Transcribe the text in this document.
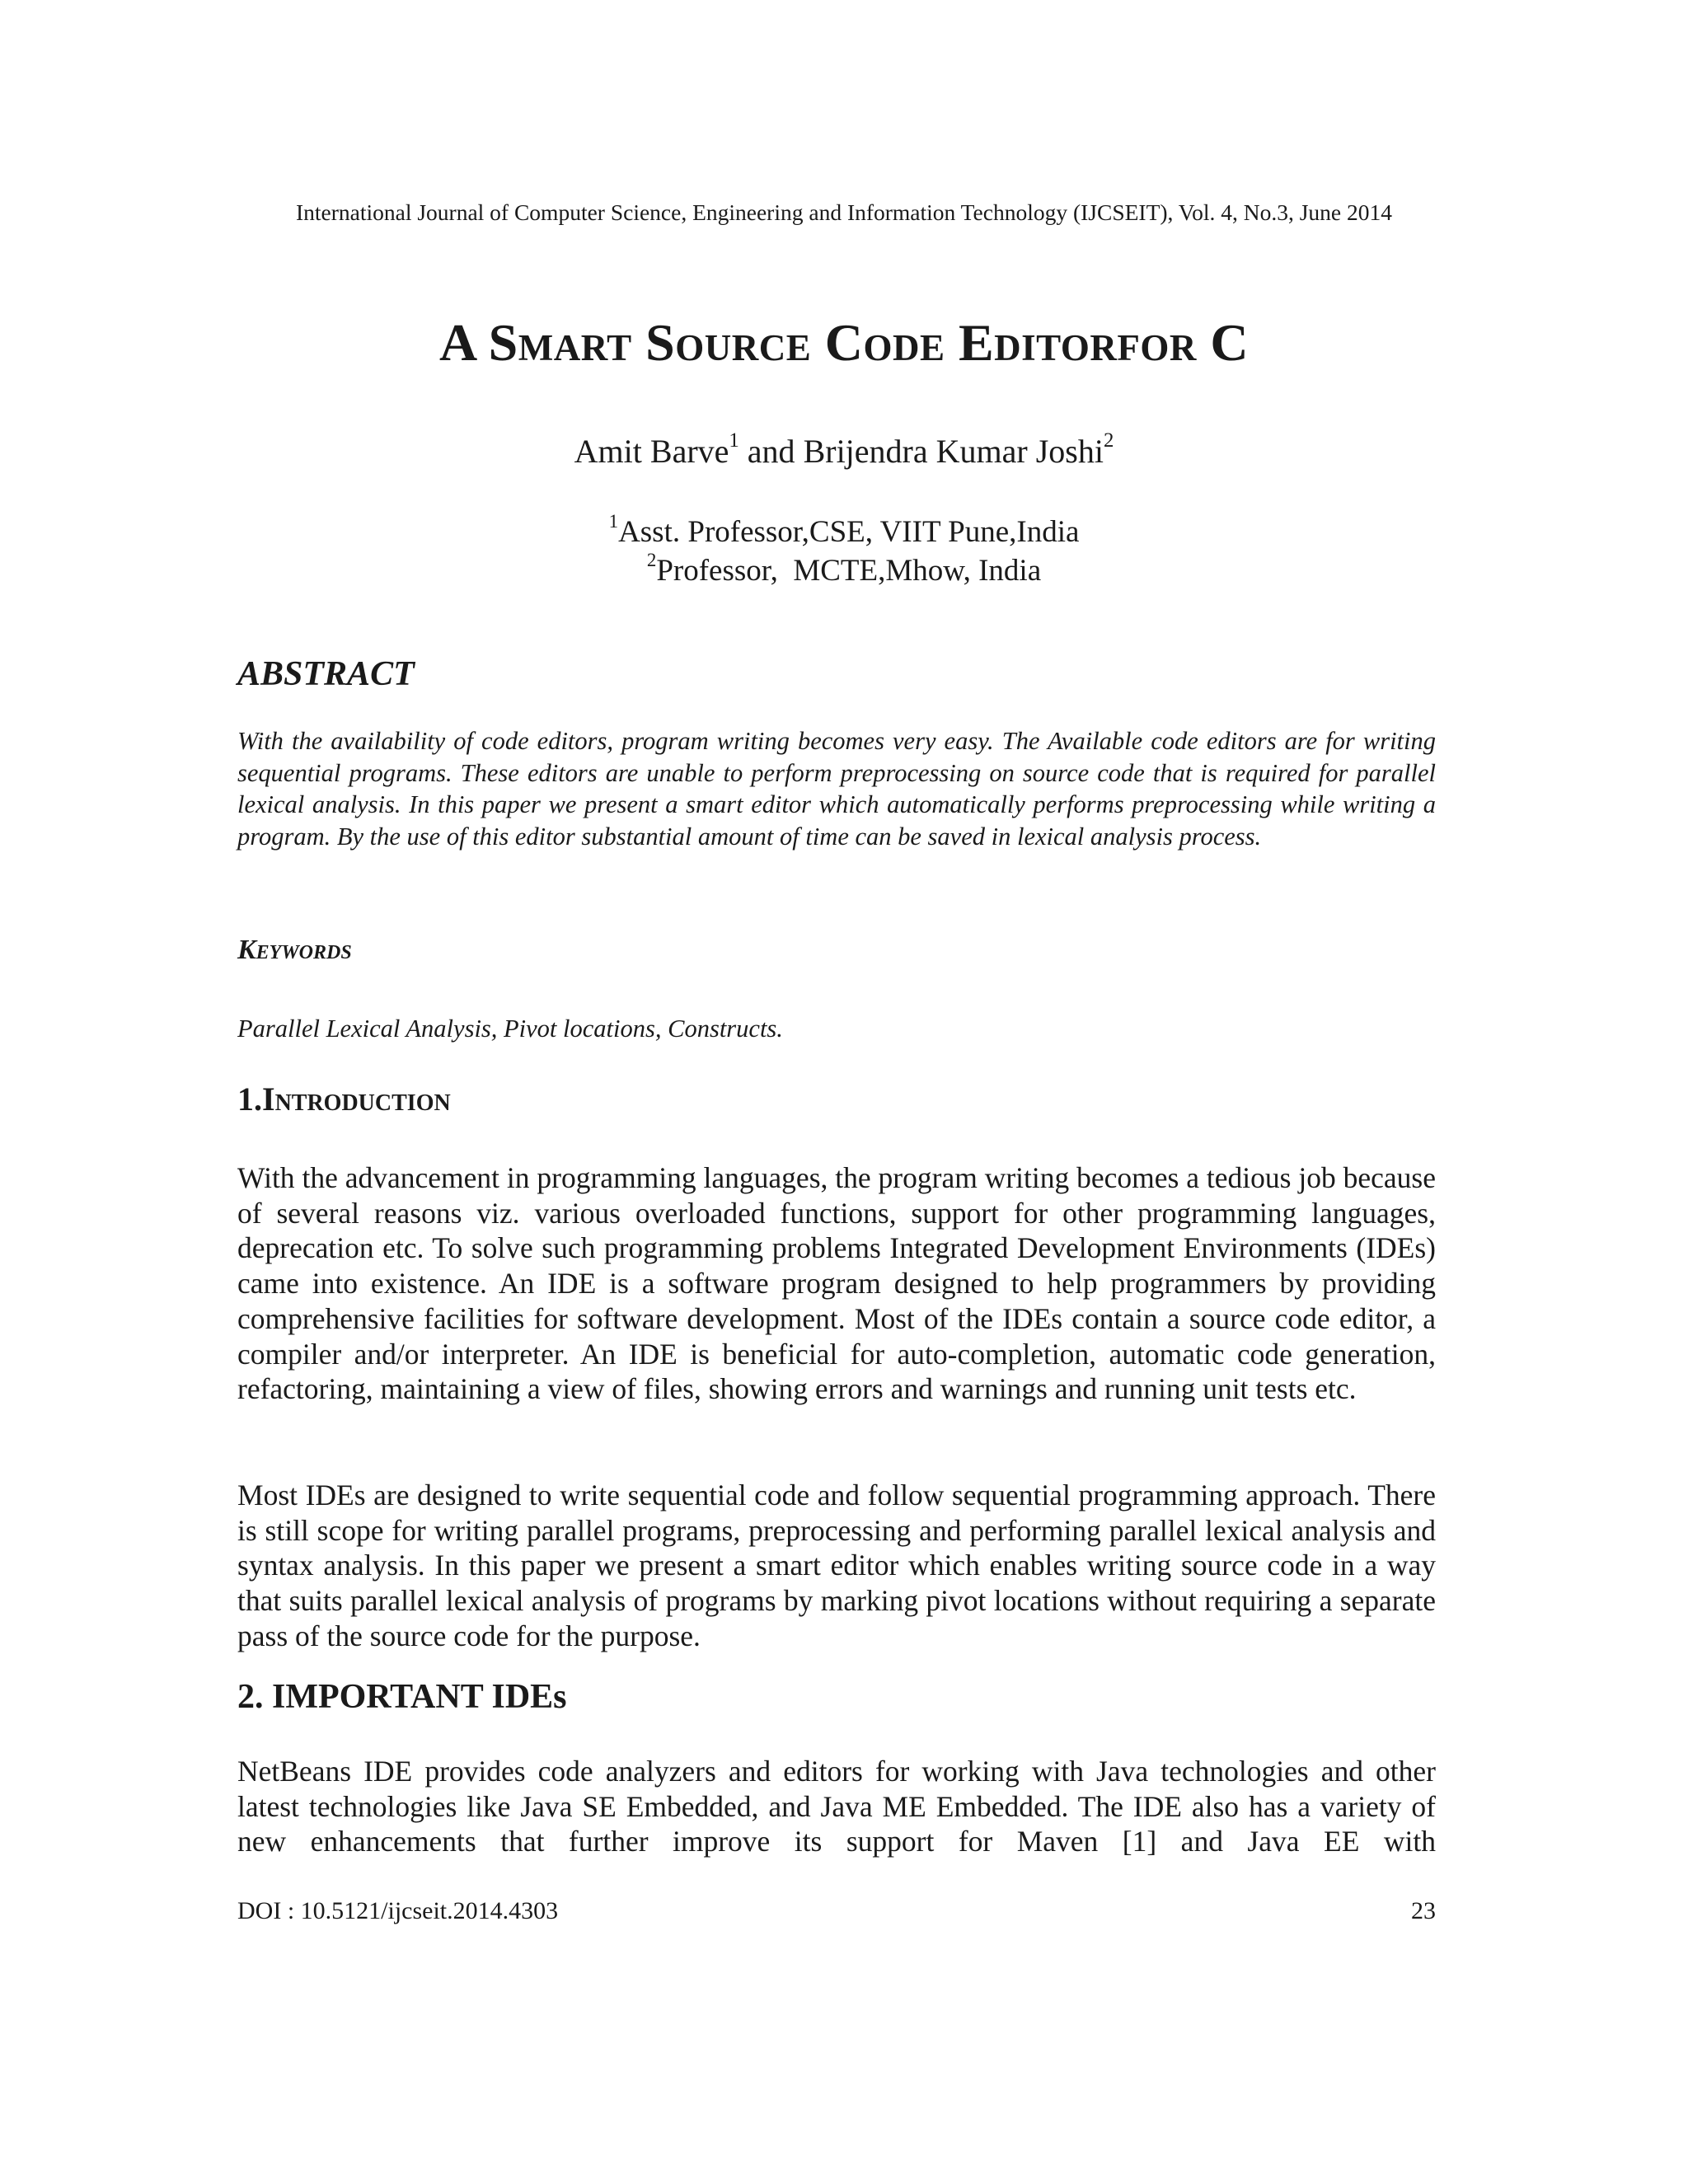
International Journal of Computer Science, Engineering and Information Technology (IJCSEIT), Vol. 4, No.3, June 2014
A Smart Source Code Editorfor C
Amit Barve$^1$ and Brijendra Kumar Joshi$^2$
$^1$Asst. Professor,CSE, VIIT Pune,India
$^2$Professor,  MCTE,Mhow, India
ABSTRACT
With the availability of code editors, program writing becomes very easy. The Available code editors are for writing sequential programs. These editors are unable to perform preprocessing on source code that is required for parallel lexical analysis. In this paper we present a smart editor which automatically performs preprocessing while writing a program. By the use of this editor substantial amount of time can be saved in lexical analysis process.
Keywords
Parallel Lexical Analysis, Pivot locations, Constructs.
1.Introduction
With the advancement in programming languages, the program writing becomes a tedious job because of several reasons viz. various overloaded functions, support for other programming languages, deprecation etc. To solve such programming problems Integrated Development Environments (IDEs) came into existence. An IDE is a software program designed to help programmers by providing comprehensive facilities for software development. Most of the IDEs contain a source code editor, a compiler and/or interpreter. An IDE is beneficial for auto-completion, automatic code generation, refactoring, maintaining a view of files, showing errors and warnings and running unit tests etc.
Most IDEs are designed to write sequential code and follow sequential programming approach. There is still scope for writing parallel programs, preprocessing and performing parallel lexical analysis and syntax analysis. In this paper we present a smart editor which enables writing source code in a way that suits parallel lexical analysis of programs by marking pivot locations without requiring a separate pass of the source code for the purpose.
2. IMPORTANT IDEs
NetBeans IDE provides code analyzers and editors for working with Java technologies and other latest technologies like Java SE Embedded, and Java ME Embedded. The IDE also has a variety of new enhancements that further improve its support for Maven [1] and Java EE with
DOI : 10.5121/ijcseit.2014.4303	23
